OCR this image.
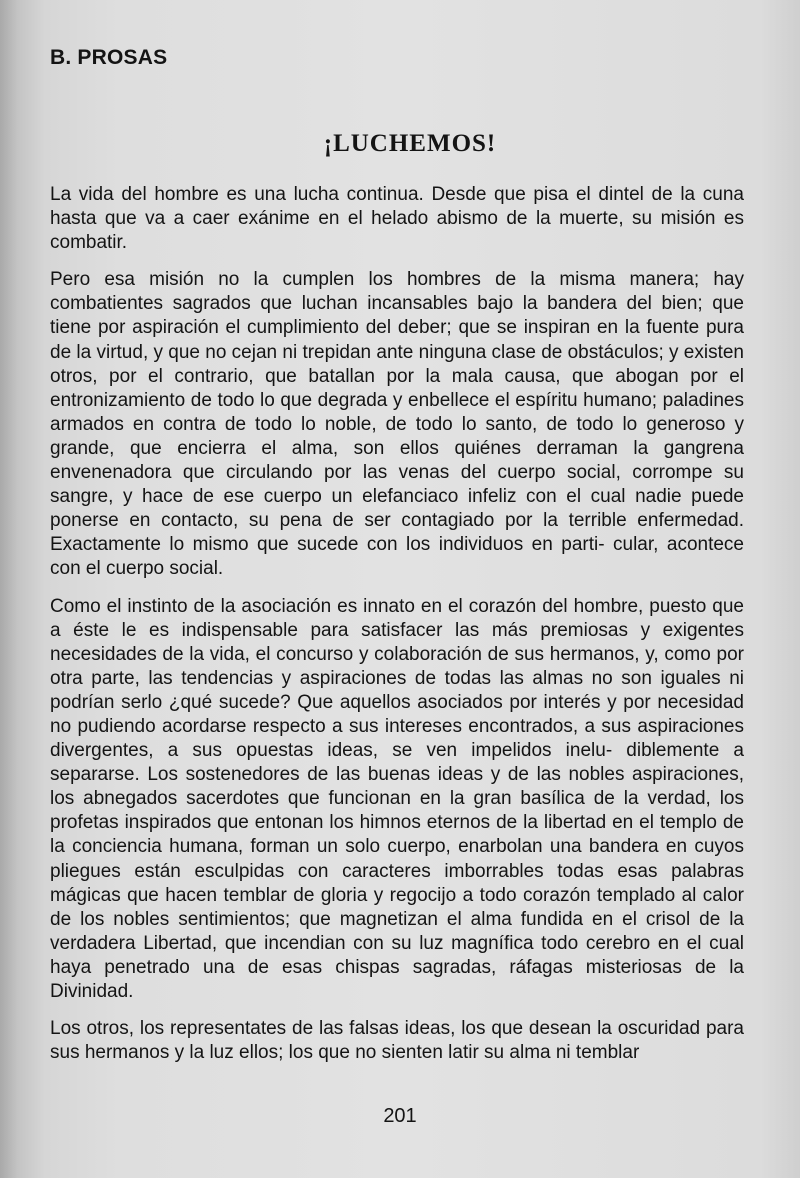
B. PROSAS
¡LUCHEMOS!

La vida del hombre es una lucha continua. Desde que pisa el dintel de la cuna hasta que va a caer exánime en el helado abismo de la muerte, su misión es combatir.

Pero esa misión no la cumplen los hombres de la misma manera; hay combatientes sagrados que luchan incansables bajo la bandera del bien; que tiene por aspiración el cumplimiento del deber; que se inspiran en la fuente pura de la virtud, y que no cejan ni trepidan ante ninguna clase de obstáculos; y existen otros, por el contrario, que batallan por la mala causa, que abogan por el entronizamiento de todo lo que degrada y enbellece el espíritu humano; paladines armados en contra de todo lo noble, de todo lo santo, de todo lo generoso y grande, que encierra el alma, son ellos quiénes derraman la gangrena envenenadora que circulando por las venas del cuerpo social, corrompe su sangre, y hace de ese cuerpo un elefanciaco infeliz con el cual nadie puede ponerse en contacto, su pena de ser contagiado por la terrible enfermedad. Exactamente lo mismo que sucede con los individuos en parti- cular, acontece con el cuerpo social.

Como el instinto de la asociación es innato en el corazón del hombre, puesto que a éste le es indispensable para satisfacer las más premiosas y exigentes necesidades de la vida, el concurso y colaboración de sus hermanos, y, como por otra parte, las tendencias y aspiraciones de todas las almas no son iguales ni podrían serlo ¿qué sucede? Que aquellos asociados por interés y por necesidad no pudiendo acordarse respecto a sus intereses encontrados, a sus aspiraciones divergentes, a sus opuestas ideas, se ven impelidos inelu- diblemente a separarse. Los sostenedores de las buenas ideas y de las nobles aspiraciones, los abnegados sacerdotes que funcionan en la gran basílica de la verdad, los profetas inspirados que entonan los himnos eternos de la libertad en el templo de la conciencia humana, forman un solo cuerpo, enarbolan una bandera en cuyos pliegues están esculpidas con caracteres imborrables todas esas palabras mágicas que hacen temblar de gloria y regocijo a todo corazón templado al calor de los nobles sentimientos; que magnetizan el alma fundida en el crisol de la verdadera Libertad, que incendian con su luz magnífica todo cerebro en el cual haya penetrado una de esas chispas sagradas, ráfagas misteriosas de la Divinidad.

Los otros, los representates de las falsas ideas, los que desean la oscuridad para sus hermanos y la luz ellos; los que no sienten latir su alma ni temblar

201
